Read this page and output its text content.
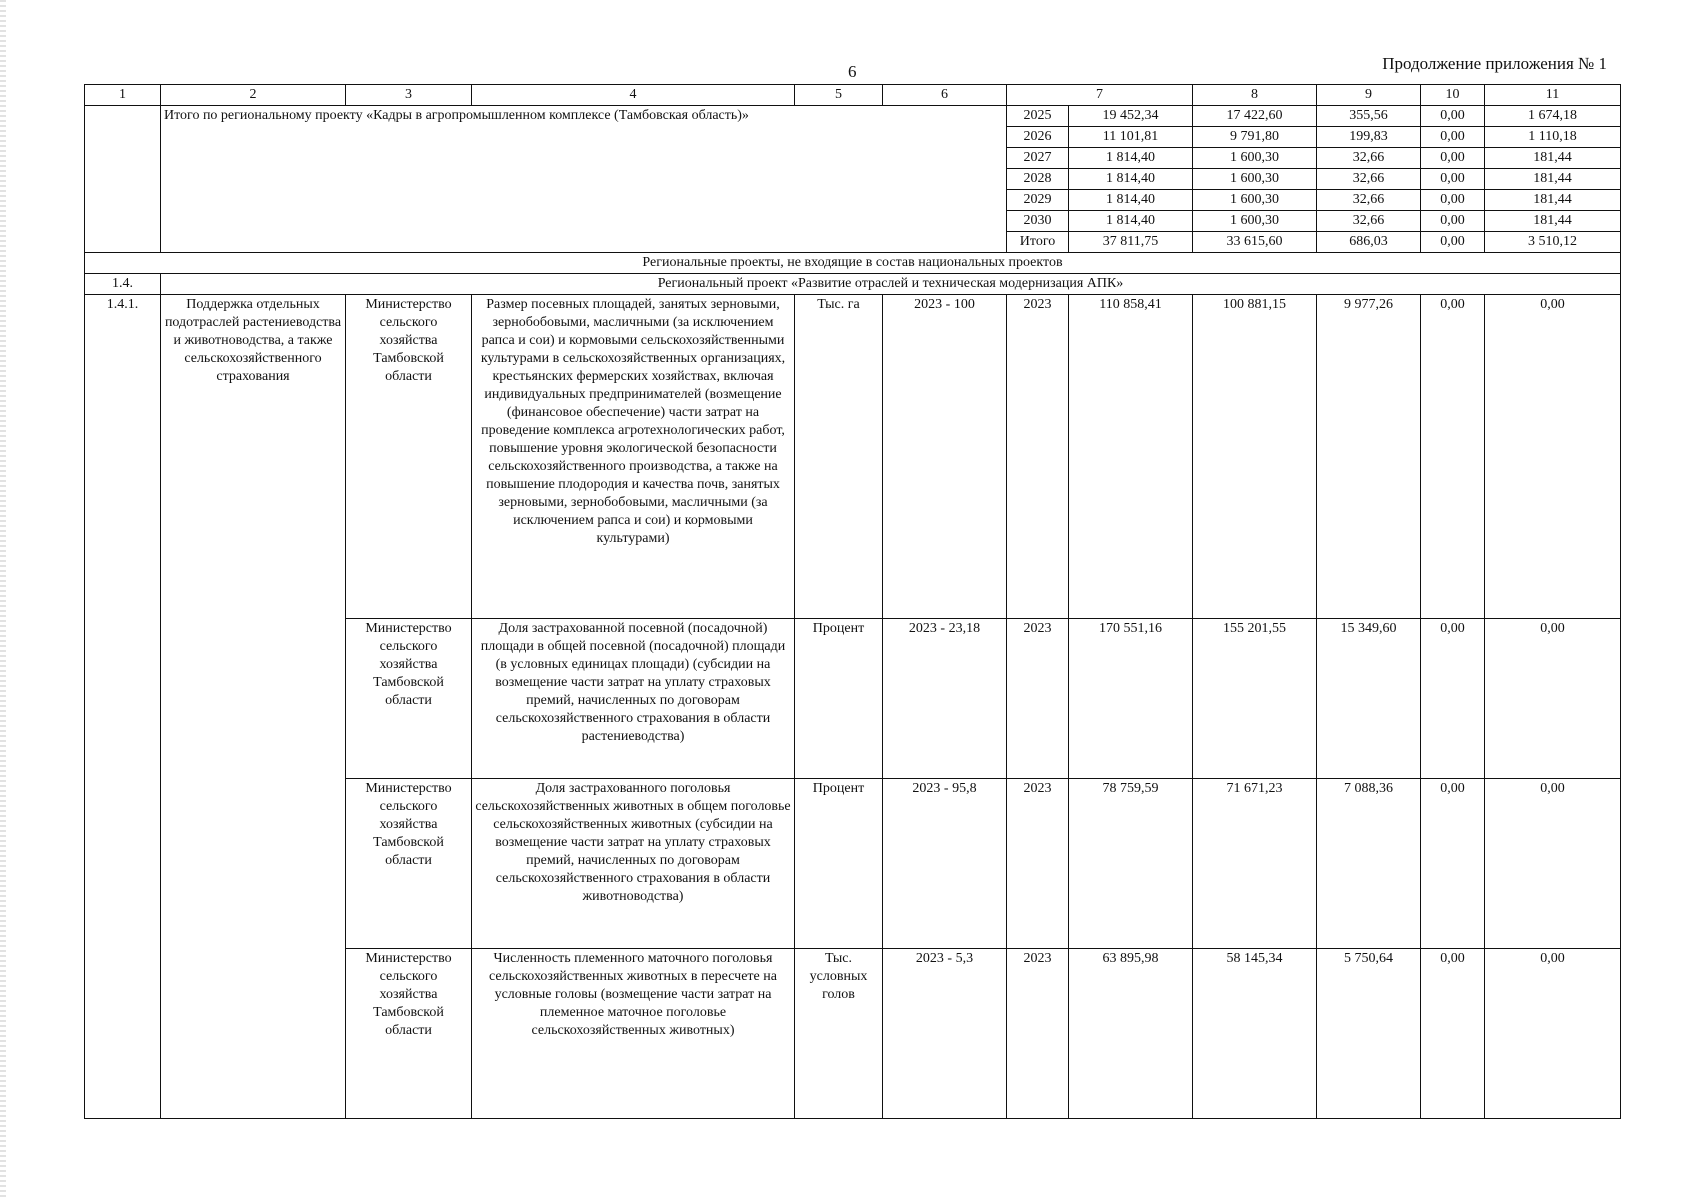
6	Продолжение приложения № 1
1	2	3	4	5	6	7		8	9	10	11
	Итого по региональному проекту «Кадры в агропромышленном комплексе (Тамбовская область)»					2025	19 452,34	17 422,60	355,56	0,00	1 674,18
						2026	11 101,81	9 791,80	199,83	0,00	1 110,18
						2027	1 814,40	1 600,30	32,66	0,00	181,44
						2028	1 814,40	1 600,30	32,66	0,00	181,44
						2029	1 814,40	1 600,30	32,66	0,00	181,44
						2030	1 814,40	1 600,30	32,66	0,00	181,44
						Итого	37 811,75	33 615,60	686,03	0,00	3 510,12
Региональные проекты, не входящие в состав национальных проектов											
1.4.	Региональный проект «Развитие отраслей и техническая модернизация АПК»										
1.4.1.	Поддержка отдельных подотраслей растениеводства и животноводства, а также сельскохозяйственного страхования	Министерство сельского хозяйства Тамбовской области	Размер посевных площадей, занятых зерновыми, зернобобовыми, масличными (за исключением рапса и сои) и кормовыми сельскохозяйственными культурами в сельскохозяйственных организациях, крестьянских фермерских хозяйствах, включая индивидуальных предпринимателей (возмещение (финансовое обеспечение) части затрат на проведение комплекса агротехнологических работ, повышение уровня экологической безопасности сельскохозяйственного производства, а также на повышение плодородия и качества почв, занятых зерновыми, зернобобовыми, масличными (за исключением рапса и сои) и кормовыми культурами)	Тыс. га	2023 - 100	2023	110 858,41	100 881,15	9 977,26	0,00	0,00
		Министерство сельского хозяйства Тамбовской области	Доля застрахованной посевной (посадочной) площади в общей посевной (посадочной) площади (в условных единицах площади) (субсидии на возмещение части затрат на уплату страховых премий, начисленных по договорам сельскохозяйственного страхования в области растениеводства)	Процент	2023 - 23,18	2023	170 551,16	155 201,55	15 349,60	0,00	0,00
		Министерство сельского хозяйства Тамбовской области	Доля застрахованного поголовья сельскохозяйственных животных в общем поголовье сельскохозяйственных животных (субсидии на возмещение части затрат на уплату страховых премий, начисленных по договорам сельскохозяйственного страхования в области животноводства)	Процент	2023 - 95,8	2023	78 759,59	71 671,23	7 088,36	0,00	0,00
		Министерство сельского хозяйства Тамбовской области	Численность племенного маточного поголовья сельскохозяйственных животных в пересчете на условные головы (возмещение части затрат на племенное маточное поголовье сельскохозяйственных животных)	Тыс. условных голов	2023 - 5,3	2023	63 895,98	58 145,34	5 750,64	0,00	0,00
